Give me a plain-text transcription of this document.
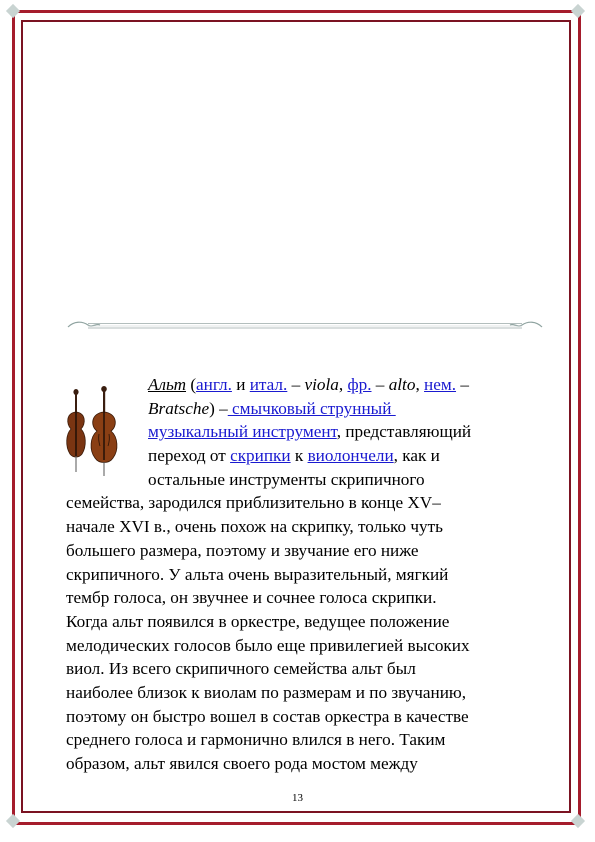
Альт (англ. и итал. – viola, фр. – alto, нем. –
Bratsche) – смычковый струнный
музыкальный инструмент, представляющий
переход от скрипки к виолончели, как и
остальные инструменты скрипичного
семейства, зародился приблизительно в конце XV–
начале XVI в., очень похож на скрипку, только чуть
большего размера, поэтому и звучание его ниже
скрипичного. У альта очень выразительный, мягкий
тембр голоса, он звучнее и сочнее голоса скрипки.
Когда альт появился в оркестре, ведущее положение
мелодических голосов было еще привилегией высоких
виол. Из всего скрипичного семейства альт был
наиболее близок к виолам по размерам и по звучанию,
поэтому он быстро вошел в состав оркестра в качестве
среднего голоса и гармонично влился в него. Таким
образом, альт явился своего рода мостом между
13
